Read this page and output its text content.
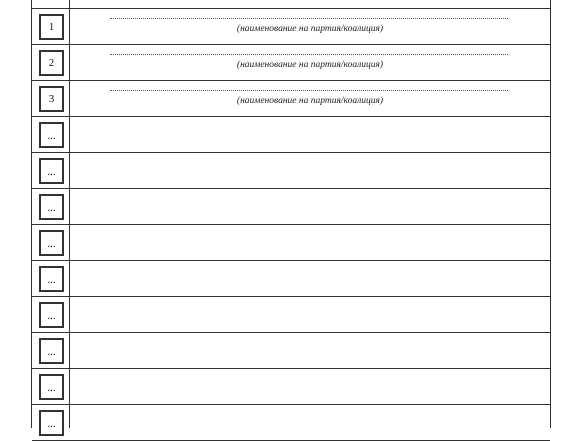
1	(наименование на партия/коалиция)
2	(наименование на партия/коалиция)
3	(наименование на партия/коалиция)
...
...
...
...
...
...
...
...
...
